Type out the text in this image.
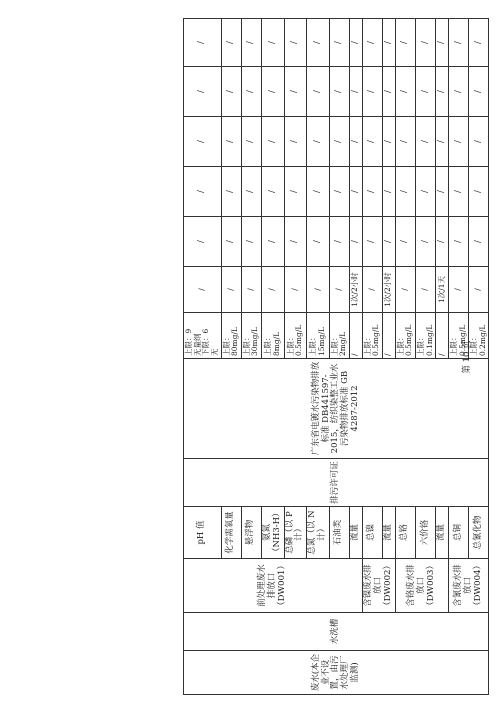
废水(本企业不设置，由污水处理厂监测)	水洗槽	前处理废水排放口（DW001）	pH 值	排污许可证	广东省电镀水污染物排放标准 DB441597-2015，纺织染整工业水污染物排放标准 GB 4287-2012	上限：9 无量纲 下限：6 无	/	/	/	/	/	/
			化学需氧量			上限： 80mg/L	/	/	/	/	/	/
			悬浮物			上限： 30mg/L	/	/	/	/	/	/
			氨氮（NH3-H）			上限： 8mg/L	/	/	/	/	/	/
			总磷（以 P 计）			上限： 0.5mg/L	/	/	/	/	/	/
			总氮（以 N 计）			上限： 15mg/L	/	/	/	/	/	/
			石油类			上限： 2mg/L	/	/	/	/	/	/
			流量			/	1次/2小时	/	/	/	/	/
		含镍废水排放口（DW002）	总镍			上限： 0.5mg/L	/	/	/	/	/	/
			流量			/	1次/2小时	/	/	/	/	/
		含铬废水排放口（DW003）	总铬			上限： 0.5mg/L	/	/	/	/	/	/
			六价铬			上限： 0.1mg/L	/	/	/	/	/	/
			流量			/	1次/1天	/	/	/	/	/
		含氰废水排放口（DW004）	总铜			上限： 0.5mg/L	/	/	/	/	/	/
			总氰化物			上限： 0.2mg/L	/	/	/	/	/	/
第 10 页
